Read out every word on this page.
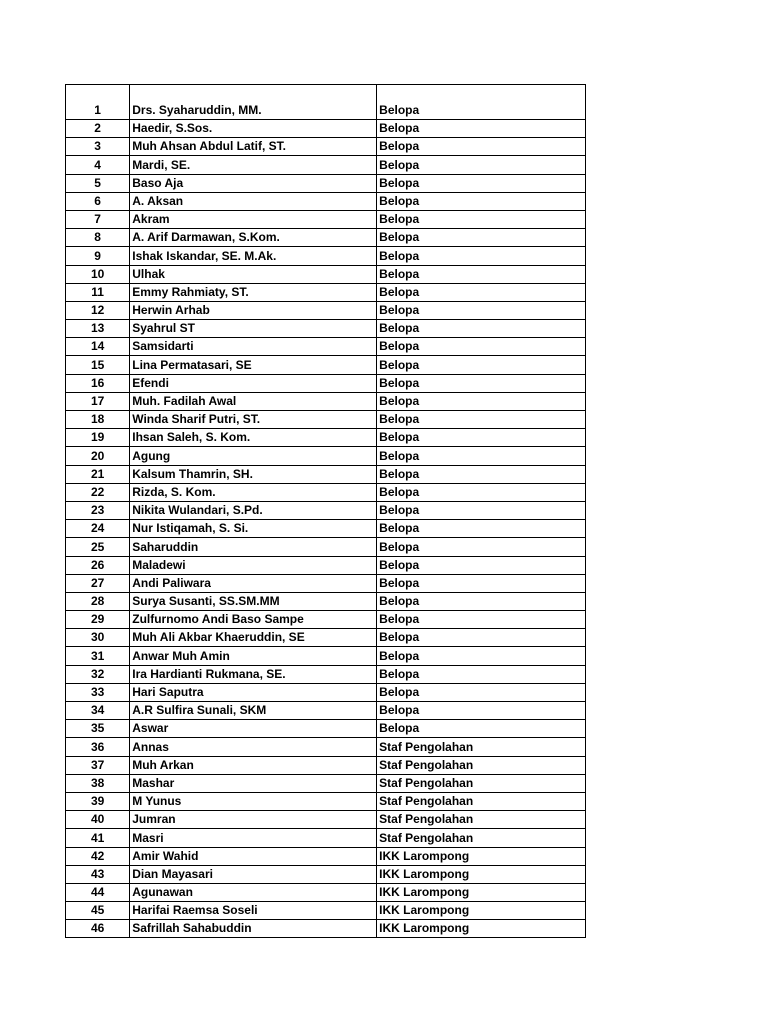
1	Drs. Syaharuddin, MM.	Belopa
2	Haedir, S.Sos.	Belopa
3	Muh Ahsan Abdul Latif, ST.	Belopa
4	Mardi, SE.	Belopa
5	Baso Aja	Belopa
6	A. Aksan	Belopa
7	Akram	Belopa
8	A. Arif Darmawan, S.Kom.	Belopa
9	Ishak Iskandar, SE. M.Ak.	Belopa
10	Ulhak	Belopa
11	Emmy Rahmiaty, ST.	Belopa
12	Herwin Arhab	Belopa
13	Syahrul ST	Belopa
14	Samsidarti	Belopa
15	Lina Permatasari, SE	Belopa
16	Efendi	Belopa
17	Muh. Fadilah Awal	Belopa
18	Winda Sharif Putri, ST.	Belopa
19	Ihsan Saleh, S. Kom.	Belopa
20	Agung	Belopa
21	Kalsum Thamrin, SH.	Belopa
22	Rizda, S. Kom.	Belopa
23	Nikita Wulandari, S.Pd.	Belopa
24	Nur Istiqamah, S. Si.	Belopa
25	Saharuddin	Belopa
26	Maladewi	Belopa
27	Andi Paliwara	Belopa
28	Surya Susanti, SS.SM.MM	Belopa
29	Zulfurnomo Andi Baso Sampe	Belopa
30	Muh Ali Akbar Khaeruddin, SE	Belopa
31	Anwar Muh Amin	Belopa
32	Ira Hardianti Rukmana, SE.	Belopa
33	Hari Saputra	Belopa
34	A.R Sulfira Sunali, SKM	Belopa
35	Aswar	Belopa
36	Annas	Staf Pengolahan
37	Muh Arkan	Staf Pengolahan
38	Mashar	Staf Pengolahan
39	M Yunus	Staf Pengolahan
40	Jumran	Staf Pengolahan
41	Masri	Staf Pengolahan
42	Amir Wahid	IKK Larompong
43	Dian Mayasari	IKK Larompong
44	Agunawan	IKK Larompong
45	Harifai Raemsa Soseli	IKK Larompong
46	Safrillah Sahabuddin	IKK Larompong
